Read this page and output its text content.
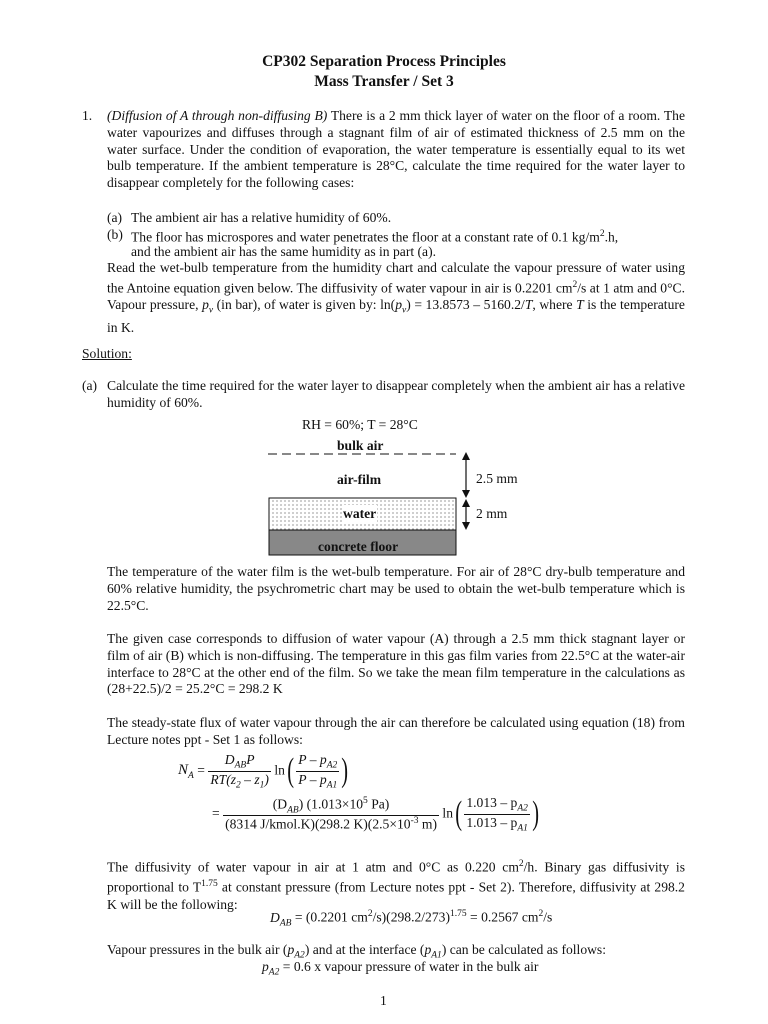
CP302 Separation Process Principles
Mass Transfer / Set 3
1. (Diffusion of A through non-diffusing B) There is a 2 mm thick layer of water on the floor of a room. The water vapourizes and diffuses through a stagnant film of air of estimated thickness of 2.5 mm on the water surface. Under the condition of evaporation, the water temperature is essentially equal to its wet bulb temperature. If the ambient temperature is 28°C, calculate the time required for the water layer to disappear completely for the following cases:

(a) The ambient air has a relative humidity of 60%.
(b) The floor has microspores and water penetrates the floor at a constant rate of 0.1 $kg/m^2.h$,
and the ambient air has the same humidity as in part (a).

Read the wet-bulb temperature from the humidity chart and calculate the vapour pressure of water using the Antoine equation given below. The diffusivity of water vapour in air is 0.2201 $cm^2/s$ at 1 atm and 0°C. Vapour pressure, $p_v$ (in bar), of water is given by: $\ln(p_v) = 13.8573 - 5160.2/T$, where T is the temperature in K.

Solution:
(a) Calculate the time required for the water layer to disappear completely when the ambient air has a relative humidity of 60%.

RH = 60%; T = 28°C
bulk air
air-film
water
concrete floor
2.5 mm
2 mm

The temperature of the water film is the wet-bulb temperature. For air of 28°C dry-bulb temperature and 60% relative humidity, the psychrometric chart may be used to obtain the wet-bulb temperature which is 22.5°C.

The given case corresponds to diffusion of water vapour (A) through a 2.5 mm thick stagnant layer or film of air (B) which is non-diffusing. The temperature in this gas film varies from 22.5°C at the water-air interface to 28°C at the other end of the film. So we take the mean film temperature in the calculations as (28+22.5)/2 = 25.2°C = 298.2 K

The steady-state flux of water vapour through the air can therefore be calculated using equation (18) from Lecture notes ppt - Set 1 as follows:

$N_A = \frac{D_{AB}P}{RT(z_2 - z_1)} \ln( \frac{P - p_{A2}}{P - p_{A1}}$ )
= $\frac{(D_{AB}) (1.013\times 10^5 Pa)}{(8314 J/kmol.K)(298.2 K)(2.5\times 10^{-3} m)} \ln( \frac{1.013 - p_{A2}}{1.013 - p_{A1}}$ )

The diffusivity of water vapour in air at 1 atm and 0°C as 0.220 $cm^2/h$. Binary gas diffusivity is proportional to $T^{1.75}$ at constant pressure (from Lecture notes ppt - Set 2). Therefore, diffusivity at 298.2 K will be the following:

$D_{AB} = (0.2201$ $cm^2/s)(298.2/273)^{1.75} = 0.2567$ $cm^2/s$
Vapour pressures in the bulk air $(p_{A2})$ and at the interface $(p_{A1})$ can be calculated as follows:
$p_{A2} = 0.6$ x vapour pressure of water in the bulk air
1
